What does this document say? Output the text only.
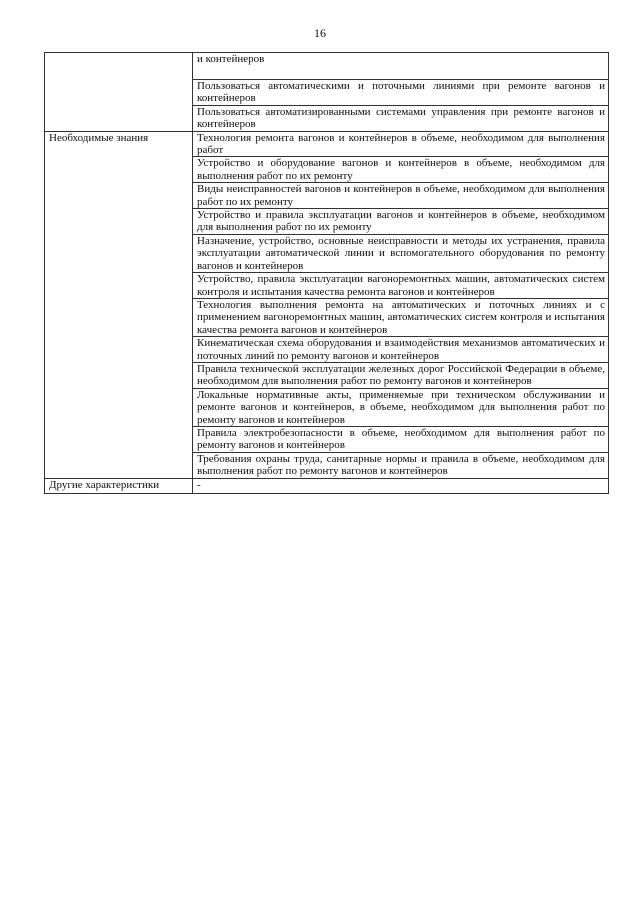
16
	и контейнеров
	Пользоваться автоматическими и поточными линиями при ремонте вагонов и контейнеров
	Пользоваться автоматизированными системами управления при ремонте вагонов и контейнеров
Необходимые знания	Технология ремонта вагонов и контейнеров в объеме, необходимом для выполнения работ
	Устройство и оборудование вагонов и контейнеров в объеме, необходимом для выполнения работ по их ремонту
	Виды неисправностей вагонов и контейнеров в объеме, необходимом для выполнения работ по их ремонту
	Устройство и правила эксплуатации вагонов и контейнеров в объеме, необходимом для выполнения работ по их ремонту
	Назначение, устройство, основные неисправности и методы их устранения, правила эксплуатации автоматической линии и вспомогательного оборудования по ремонту вагонов и контейнеров
	Устройство, правила эксплуатации вагоноремонтных машин, автоматических систем контроля и испытания качества ремонта вагонов и контейнеров
	Технология выполнения ремонта на автоматических и поточных линиях и с применением вагоноремонтных машин, автоматических систем контроля и испытания качества ремонта вагонов и контейнеров
	Кинематическая схема оборудования и взаимодействия механизмов автоматических и поточных линий по ремонту вагонов и контейнеров
	Правила технической эксплуатации железных дорог Российской Федерации в объеме, необходимом для выполнения работ по ремонту вагонов и контейнеров
	Локальные нормативные акты, применяемые при техническом обслуживании и ремонте вагонов и контейнеров, в объеме, необходимом для выполнения работ по ремонту вагонов и контейнеров
	Правила электробезопасности в объеме, необходимом для выполнения работ по ремонту вагонов и контейнеров
	Требования охраны труда, санитарные нормы и правила в объеме, необходимом для выполнения работ по ремонту вагонов и контейнеров
Другие характеристики	-
